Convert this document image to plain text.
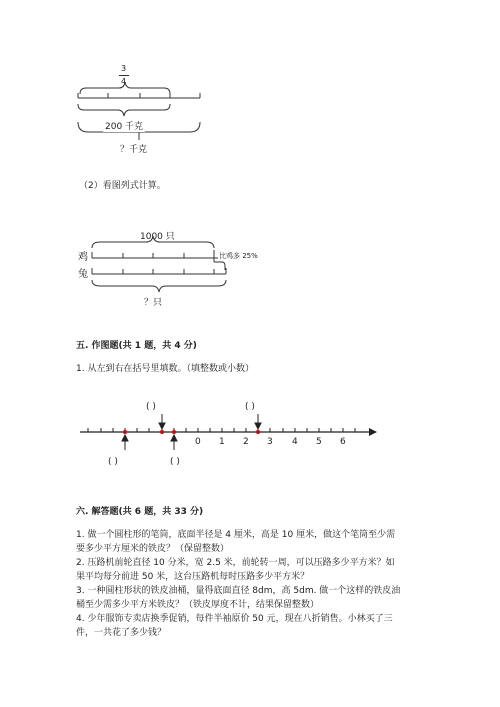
3
4
200 千克
？千克
（2）看图列式计算。
1000 只
鸡
兔
比鸡多 25%
？只
五. 作图题(共 1 题，共 4 分)
1. 从左到右在括号里填数。（填整数或小数）
( )	( )
( )	( )
0 1 2 3 4 5 6
六. 解答题(共 6 题，共 33 分)
1. 做一个圆柱形的笔筒，底面半径是 4 厘米，高是 10 厘米，做这个笔筒至少需
要多少平方厘米的铁皮？（保留整数）
2. 压路机前轮直径 10 分米，宽 2.5 米，前轮转一周，可以压路多少平方米？如
果平均每分前进 50 米，这台压路机每时压路多少平方米？
3. 一种圆柱形状的铁皮油桶，量得底面直径 8dm，高 5dm. 做一个这样的铁皮油
桶至少需多少平方米铁皮？（铁皮厚度不计，结果保留整数）
4. 少年服饰专卖店换季促销，每件半袖原价 50 元，现在八折销售。小林买了三
件，一共花了多少钱？
